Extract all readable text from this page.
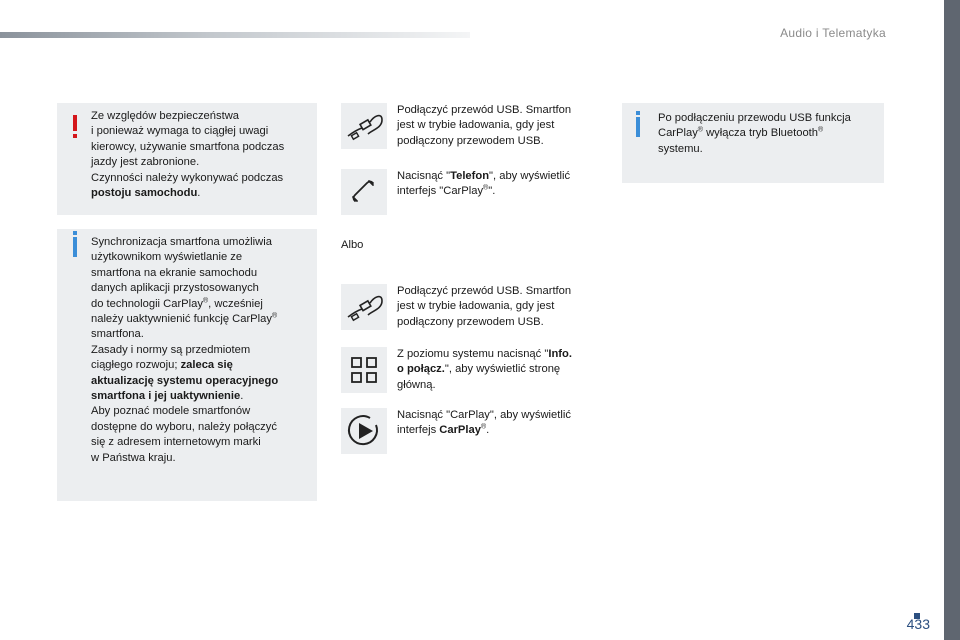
Audio i Telematyka

Ze względów bezpieczeństwa

i ponieważ wymaga to ciągłej uwagi

kierowcy, używanie smartfona podczas

jazdy jest zabronione.

Czynności należy wykonywać podczas

postoju samochodu.

Synchronizacja smartfona umożliwia

użytkownikom wyświetlanie ze

smartfona na ekranie samochodu

danych aplikacji przystosowanych

do technologii CarPlay®, wcześniej

należy uaktywnienić funkcję CarPlay®

smartfona.

Zasady i normy są przedmiotem

ciągłego rozwoju; zaleca się

aktualizację systemu operacyjnego

smartfona i jej uaktywnienie.

Aby poznać modele smartfonów

dostępne do wyboru, należy połączyć

się z adresem internetowym marki

w Państwa kraju.

Podłączyć przewód USB. Smartfon

jest w trybie ładowania, gdy jest

podłączony przewodem USB.

Nacisnąć "Telefon", aby wyświetlić

interfejs "CarPlay®".

Albo

Podłączyć przewód USB. Smartfon

jest w trybie ładowania, gdy jest

podłączony przewodem USB.

Z poziomu systemu nacisnąć "Info.

o połącz.", aby wyświetlić stronę

główną.

Nacisnąć "CarPlay", aby wyświetlić

interfejs CarPlay®.

Po podłączeniu przewodu USB funkcja

CarPlay® wyłącza tryb Bluetooth®

systemu.

433
